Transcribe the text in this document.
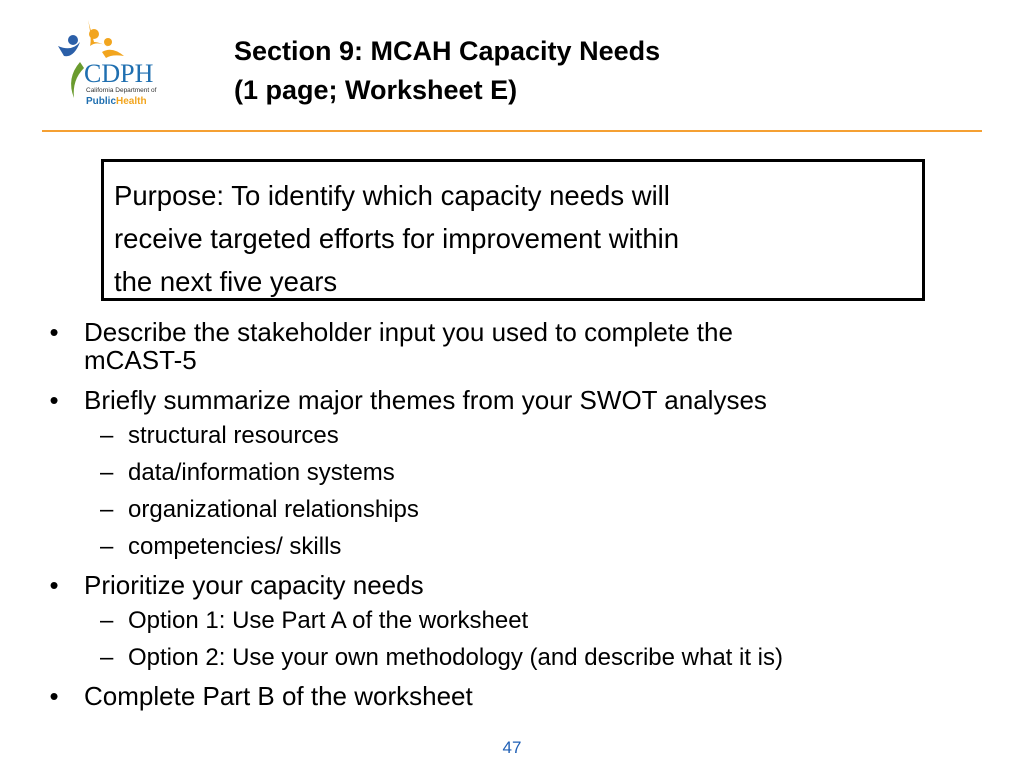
CDPH
California Department of
PublicHealth
Section 9: MCAH Capacity Needs
(1 page; Worksheet E)
Purpose: To identify which capacity needs will
receive targeted efforts for improvement within
the next five years
• Describe the stakeholder input you used to complete the
mCAST-5
• Briefly summarize major themes from your SWOT analyses
– structural resources
– data/information systems
– organizational relationships
– competencies/ skills
• Prioritize your capacity needs
– Option 1: Use Part A of the worksheet
– Option 2: Use your own methodology (and describe what it is)
• Complete Part B of the worksheet
47
